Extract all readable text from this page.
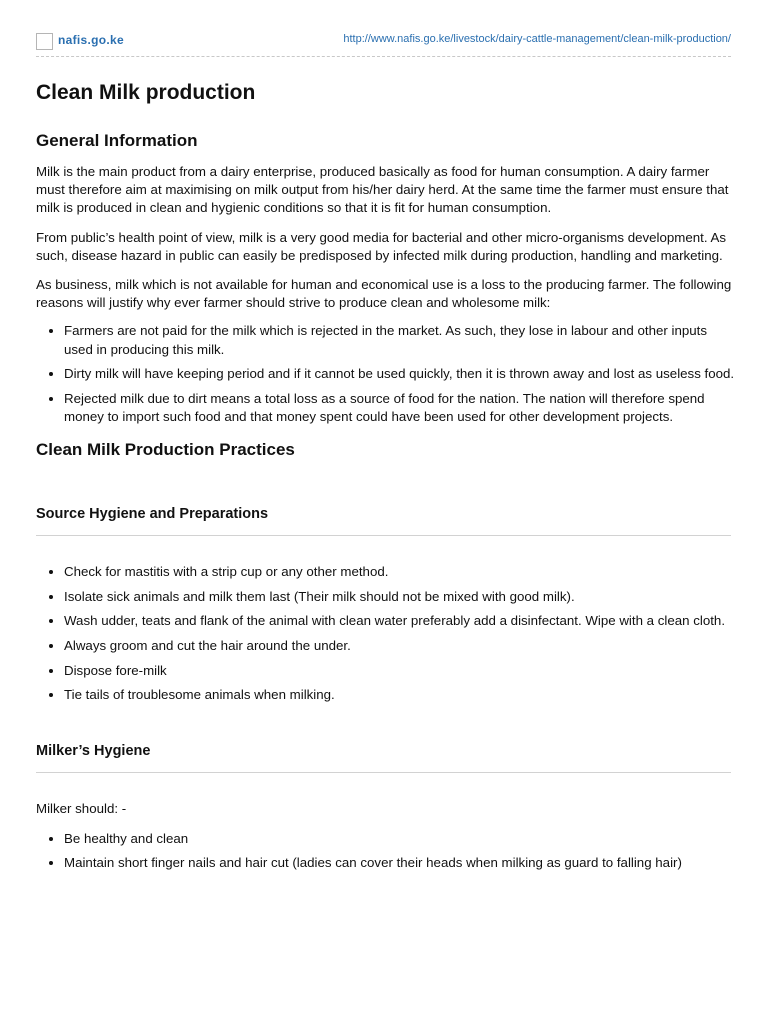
nafis.go.ke	http://www.nafis.go.ke/livestock/dairy-cattle-management/clean-milk-production/
Clean Milk production
General Information

Milk is the main product from a dairy enterprise, produced basically as food for human consumption. A dairy farmer must therefore aim at maximising on milk output from his/her dairy herd. At the same time the farmer must ensure that milk is produced in clean and hygienic conditions so that it is fit for human consumption.

From public’s health point of view, milk is a very good media for bacterial and other micro-organisms development. As such, disease hazard in public can easily be predisposed by infected milk during production, handling and marketing.

As business, milk which is not available for human and economical use is a loss to the producing farmer. The following reasons will justify why ever farmer should strive to produce clean and wholesome milk:

• Farmers are not paid for the milk which is rejected in the market. As such, they lose in labour and other inputs used in producing this milk.
• Dirty milk will have keeping period and if it cannot be used quickly, then it is thrown away and lost as useless food.
• Rejected milk due to dirt means a total loss as a source of food for the nation. The nation will therefore spend money to import such food and that money spent could have been used for other development projects.
Clean Milk Production Practices
Source Hygiene and Preparations
• Check for mastitis with a strip cup or any other method.
• Isolate sick animals and milk them last (Their milk should not be mixed with good milk).
• Wash udder, teats and flank of the animal with clean water preferably add a disinfectant. Wipe with a clean cloth.
• Always groom and cut the hair around the under.
• Dispose fore-milk
• Tie tails of troublesome animals when milking.
Milker’s Hygiene

Milker should: -

• Be healthy and clean
• Maintain short finger nails and hair cut (ladies can cover their heads when milking as guard to falling hair)
